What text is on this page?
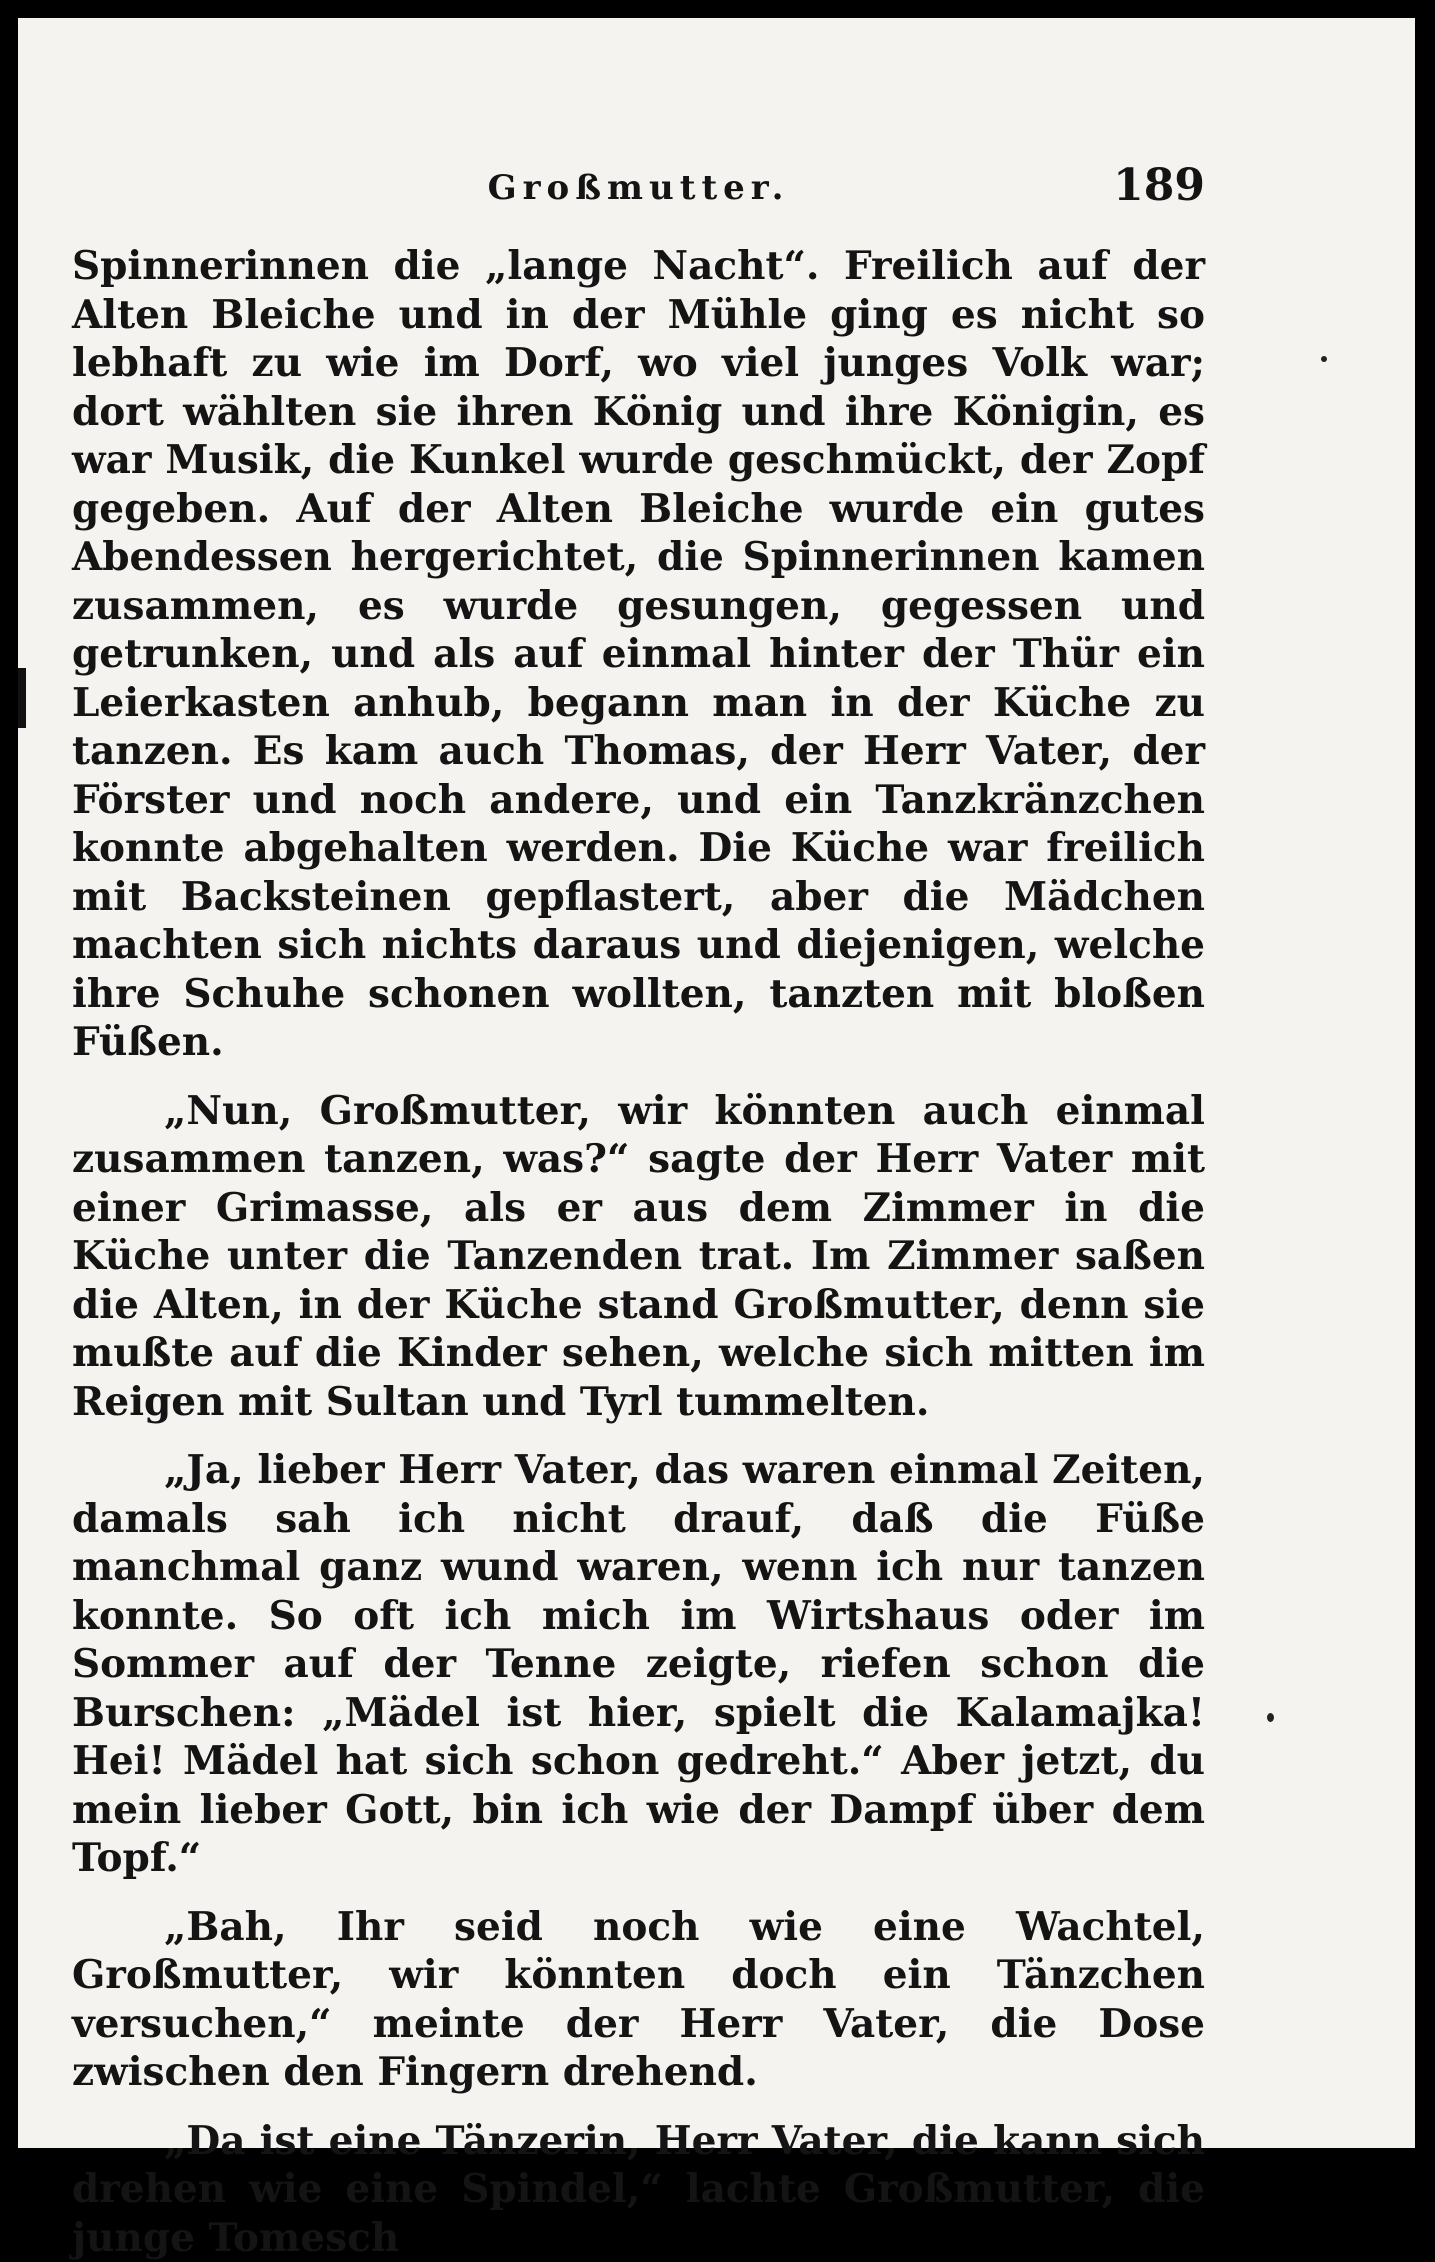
Großmutter.	189

Spinnerinnen die „lange Nacht“. Freilich auf der Alten Bleiche und in der Mühle ging es nicht so lebhaft zu wie im Dorf, wo viel junges Volk war; dort wählten sie ihren König und ihre Königin, es war Musik, die Kunkel wurde geschmückt, der Zopf gegeben. Auf der Alten Bleiche wurde ein gutes Abendessen hergerichtet, die Spinnerinnen kamen zusammen, es wurde gesungen, gegessen und getrunken, und als auf einmal hinter der Thür ein Leierkasten anhub, begann man in der Küche zu tanzen. Es kam auch Thomas, der Herr Vater, der Förster und noch andere, und ein Tanzkränzchen konnte abgehalten werden. Die Küche war freilich mit Backsteinen gepflastert, aber die Mädchen machten sich nichts daraus und diejenigen, welche ihre Schuhe schonen wollten, tanzten mit bloßen Füßen.

„Nun, Großmutter, wir könnten auch einmal zusammen tanzen, was?“ sagte der Herr Vater mit einer Grimasse, als er aus dem Zimmer in die Küche unter die Tanzenden trat. Im Zimmer saßen die Alten, in der Küche stand Großmutter, denn sie mußte auf die Kinder sehen, welche sich mitten im Reigen mit Sultan und Tyrl tummelten.

„Ja, lieber Herr Vater, das waren einmal Zeiten, damals sah ich nicht drauf, daß die Füße manchmal ganz wund waren, wenn ich nur tanzen konnte. So oft ich mich im Wirtshaus oder im Sommer auf der Tenne zeigte, riefen schon die Burschen: „Mädel ist hier, spielt die Kalamajka! Hei! Mädel hat sich schon gedreht.“ Aber jetzt, du mein lieber Gott, bin ich wie der Dampf über dem Topf.“

„Bah, Ihr seid noch wie eine Wachtel, Großmutter, wir könnten doch ein Tänzchen versuchen,“ meinte der Herr Vater, die Dose zwischen den Fingern drehend.

„Da ist eine Tänzerin, Herr Vater, die kann sich drehen wie eine Spindel,“ lachte Großmutter, die junge Tomesch
